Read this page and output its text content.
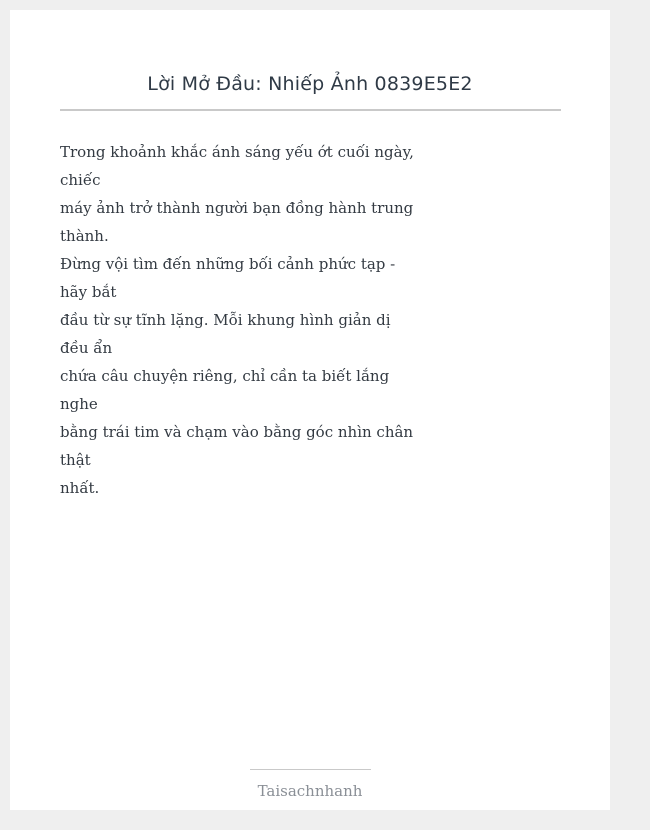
Lời Mở Đầu: Nhiếp Ảnh 0839E5E2

Trong khoảnh khắc ánh sáng yếu ớt cuối ngày,
chiếc
máy ảnh trở thành người bạn đồng hành trung
thành.
Đừng vội tìm đến những bối cảnh phức tạp -
hãy bắt
đầu từ sự tĩnh lặng. Mỗi khung hình giản dị
đều ẩn
chứa câu chuyện riêng, chỉ cần ta biết lắng
nghe
bằng trái tim và chạm vào bằng góc nhìn chân
thật
nhất.

Taisachnhanh
